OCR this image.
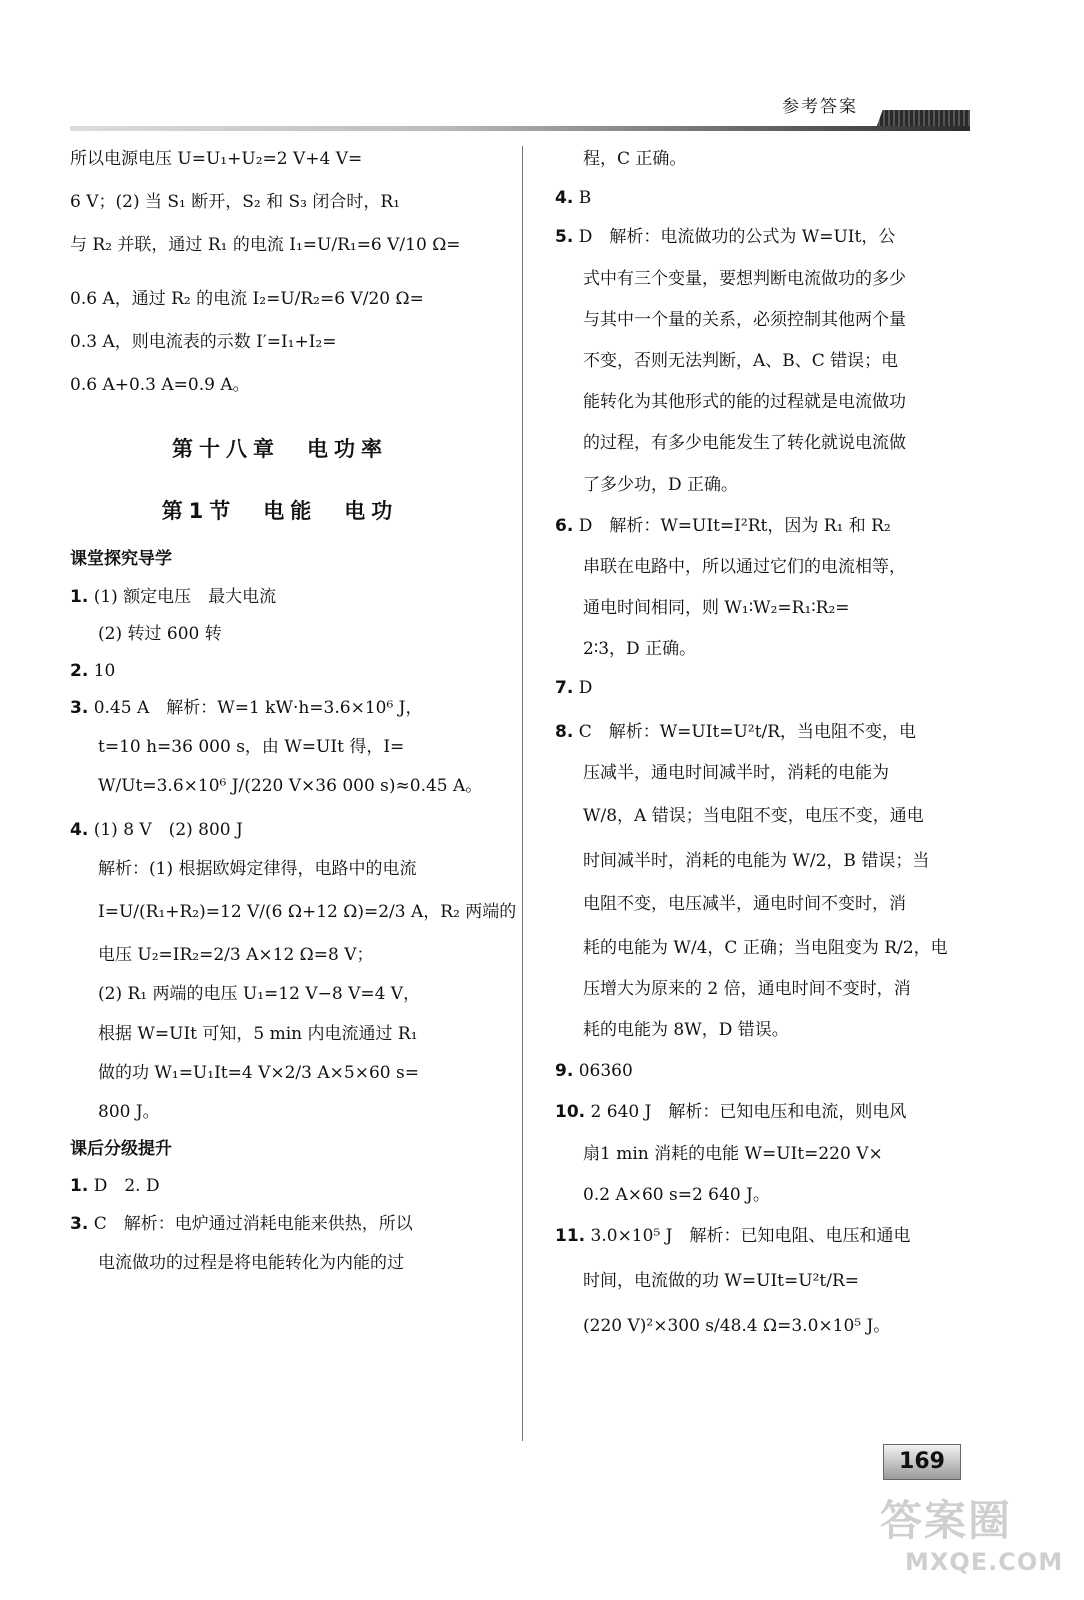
参考答案
所以电源电压 U=U₁+U₂=2 V+4 V=
6 V；(2) 当 S₁ 断开，S₂ 和 S₃ 闭合时，R₁
与 R₂ 并联，通过 R₁ 的电流 I₁=U/R₁=6 V/10 Ω=
0.6 A，通过 R₂ 的电流 I₂=U/R₂=6 V/20 Ω=
0.3 A，则电流表的示数 I′=I₁+I₂=
0.6 A+0.3 A=0.9 A。
第十八章　电功率
第1节　电能　电功
课堂探究导学
1. (1) 额定电压　最大电流
(2) 转过 600 转
2. 10
3. 0.45 A　解析：W=1 kW·h=3.6×10⁶ J，
t=10 h=36 000 s，由 W=UIt 得，I=
W/Ut=3.6×10⁶ J/(220 V×36 000 s)≈0.45 A。
4. (1) 8 V　(2) 800 J
解析：(1) 根据欧姆定律得，电路中的电流
I=U/(R₁+R₂)=12 V/(6 Ω+12 Ω)=2/3 A，R₂ 两端的
电压 U₂=IR₂=2/3 A×12 Ω=8 V；
(2) R₁ 两端的电压 U₁=12 V−8 V=4 V，
根据 W=UIt 可知，5 min 内电流通过 R₁
做的功 W₁=U₁It=4 V×2/3 A×5×60 s=
800 J。
课后分级提升
1. D　2. D
3. C　解析：电炉通过消耗电能来供热，所以
电流做功的过程是将电能转化为内能的过
程，C 正确。
4. B
5. D　解析：电流做功的公式为 W=UIt，公
式中有三个变量，要想判断电流做功的多少
与其中一个量的关系，必须控制其他两个量
不变，否则无法判断，A、B、C 错误；电
能转化为其他形式的能的过程就是电流做功
的过程，有多少电能发生了转化就说电流做
了多少功，D 正确。
6. D　解析：W=UIt=I²Rt，因为 R₁ 和 R₂
串联在电路中，所以通过它们的电流相等，
通电时间相同，则 W₁∶W₂=R₁∶R₂=
2∶3，D 正确。
7. D
8. C　解析：W=UIt=U²t/R，当电阻不变，电
压减半，通电时间减半时，消耗的电能为
W/8，A 错误；当电阻不变，电压不变，通电
时间减半时，消耗的电能为 W/2，B 错误；当
电阻不变，电压减半，通电时间不变时，消
耗的电能为 W/4，C 正确；当电阻变为 R/2，电
压增大为原来的 2 倍，通电时间不变时，消
耗的电能为 8W，D 错误。
9. 06360
10. 2 640 J　解析：已知电压和电流，则电风
扇1 min 消耗的电能 W=UIt=220 V×
0.2 A×60 s=2 640 J。
11. 3.0×10⁵ J　解析：已知电阻、电压和通电
时间，电流做的功 W=UIt=U²t/R=
(220 V)²×300 s/48.4 Ω=3.0×10⁵ J。
169
答案圈
MXQE.COM
